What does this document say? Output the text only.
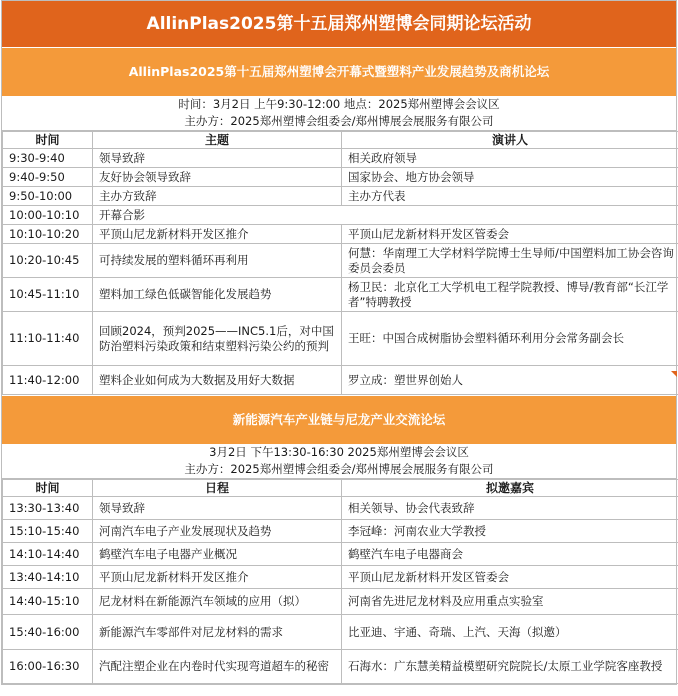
AllinPlas2025第十五届郑州塑博会同期论坛活动
AllinPlas2025第十五届郑州塑博会开幕式暨塑料产业发展趋势及商机论坛
时间：3月2日 上午9:30-12:00 地点：2025郑州塑博会会议区
主办方：2025郑州塑博会组委会/郑州博展会展服务有限公司
时间	主题	演讲人
9:30-9:40	领导致辞	相关政府领导
9:40-9:50	友好协会领导致辞	国家协会、地方协会领导
9:50-10:00	主办方致辞	主办方代表
10:00-10:10	开幕合影	
10:10-10:20	平顶山尼龙新材料开发区推介	平顶山尼龙新材料开发区管委会
10:20-10:45	可持续发展的塑料循环再利用	何慧：华南理工大学材料学院博士生导师/中国塑料加工协会咨询委员会委员
10:45-11:10	塑料加工绿色低碳智能化发展趋势	杨卫民：北京化工大学机电工程学院教授、博导/教育部“长江学者”特聘教授
11:10-11:40	回顾2024，预判2025——INC5.1后，对中国防治塑料污染政策和结束塑料污染公约的预判	王旺：中国合成树脂协会塑料循环利用分会常务副会长
11:40-12:00	塑料企业如何成为大数据及用好大数据	罗立成：塑世界创始人
新能源汽车产业链与尼龙产业交流论坛
3月2日 下午13:30-16:30 2025郑州塑博会会议区
主办方：2025郑州塑博会组委会/郑州博展会展服务有限公司
时间	日程	拟邀嘉宾
13:30-13:40	领导致辞	相关领导、协会代表致辞
15:10-15:40	河南汽车电子产业发展现状及趋势	李冠峰：河南农业大学教授
14:10-14:40	鹤壁汽车电子电器产业概况	鹤壁汽车电子电器商会
13:40-14:10	平顶山尼龙新材料开发区推介	平顶山尼龙新材料开发区管委会
14:40-15:10	尼龙材料在新能源汽车领域的应用（拟）	河南省先进尼龙材料及应用重点实验室
15:40-16:00	新能源汽车零部件对尼龙材料的需求	比亚迪、宇通、奇瑞、上汽、天海（拟邀）
16:00-16:30	汽配注塑企业在内卷时代实现弯道超车的秘密	石海水：广东慧美精益模塑研究院院长/太原工业学院客座教授
